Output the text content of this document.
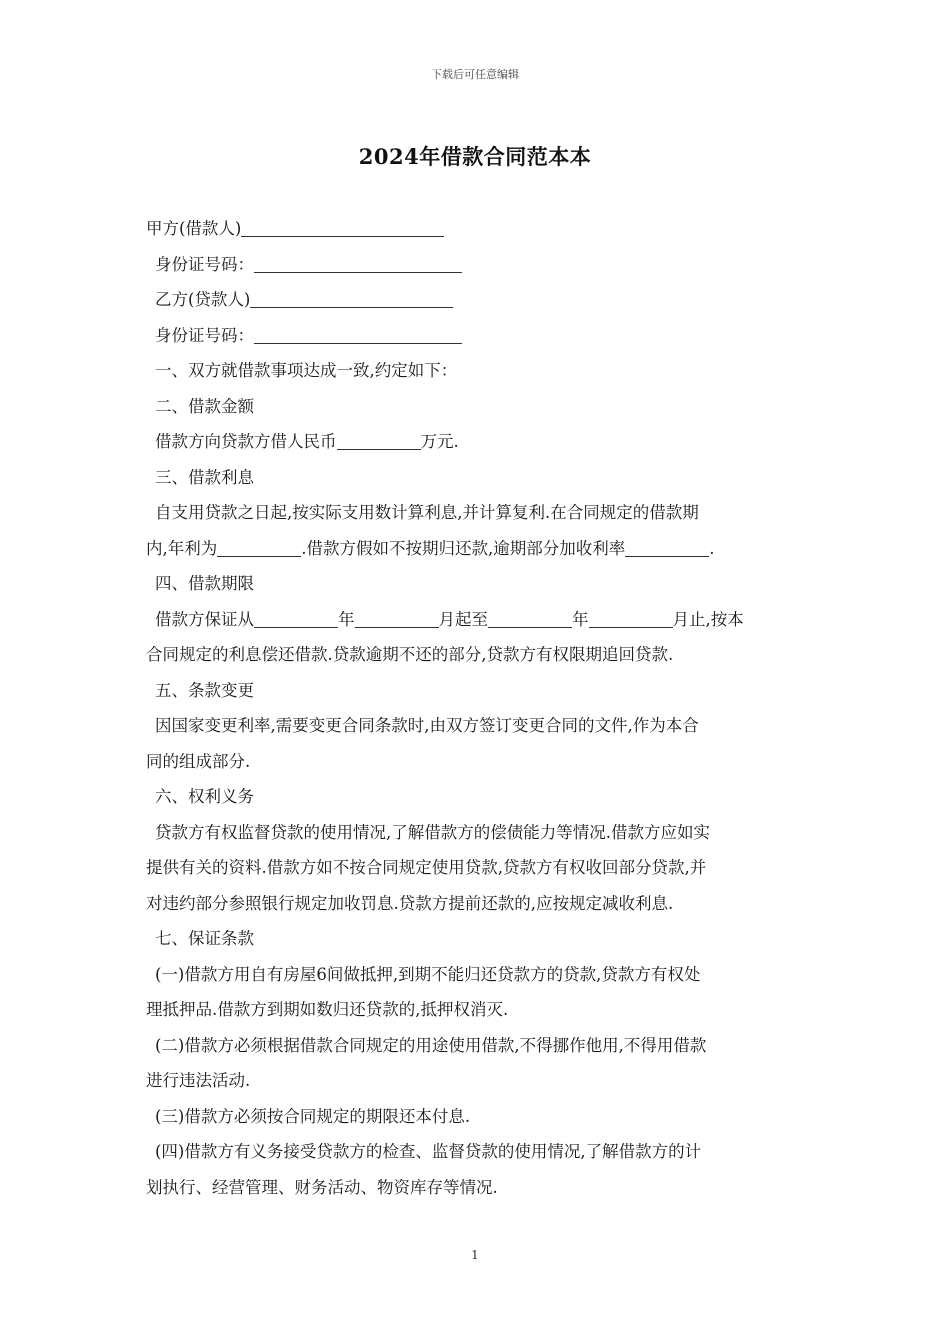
下载后可任意编辑
2024年借款合同范本本
甲方(借款人)
身份证号码：
乙方(贷款人)
身份证号码：
一、双方就借款事项达成一致,约定如下：
二、借款金额
借款方向贷款方借人民币	万元.
三、借款利息
自支用贷款之日起,按实际支用数计算利息,并计算复利.在合同规定的借款期
内,年利为	.借款方假如不按期归还款,逾期部分加收利率	.
四、借款期限
借款方保证从	年	月起至	年	月止,按本
合同规定的利息偿还借款.贷款逾期不还的部分,贷款方有权限期追回贷款.
五、条款变更
因国家变更利率,需要变更合同条款时,由双方签订变更合同的文件,作为本合
同的组成部分.
六、权利义务
贷款方有权监督贷款的使用情况,了解借款方的偿债能力等情况.借款方应如实
提供有关的资料.借款方如不按合同规定使用贷款,贷款方有权收回部分贷款,并
对违约部分参照银行规定加收罚息.贷款方提前还款的,应按规定减收利息.
七、保证条款
(一)借款方用自有房屋6间做抵押,到期不能归还贷款方的贷款,贷款方有权处
理抵押品.借款方到期如数归还贷款的,抵押权消灭.
(二)借款方必须根据借款合同规定的用途使用借款,不得挪作他用,不得用借款
进行违法活动.
(三)借款方必须按合同规定的期限还本付息.
(四)借款方有义务接受贷款方的检查、监督贷款的使用情况,了解借款方的计
划执行、经营管理、财务活动、物资库存等情况.
1
